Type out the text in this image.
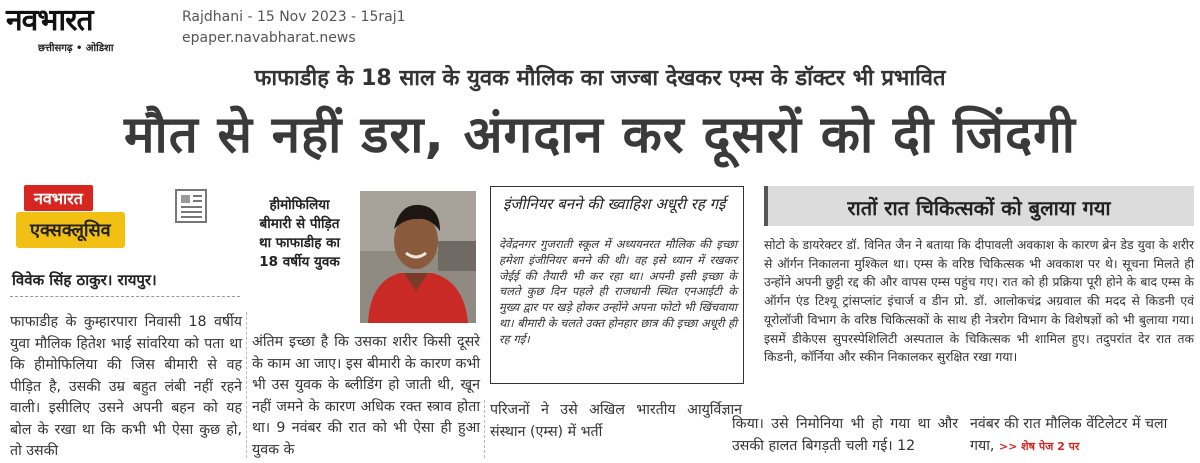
नवभारत
छत्तीसगढ़ • ओडिशा
Rajdhani - 15 Nov 2023 - 15raj1
epaper.navabharat.news
फाफाडीह के 18 साल के युवक मौलिक का जज्बा देखकर एम्स के डॉक्टर भी प्रभावित
मौत से नहीं डरा, अंगदान कर दूसरों को दी जिंदगी
नवभारत
एक्सक्लूसिव
विवेक सिंह ठाकुर। रायपुर।
फाफाडीह के कुम्हारपारा निवासी 18 वर्षीय युवा मौलिक हितेश भाई सांवरिया को पता था कि हीमोफिलिया की जिस बीमारी से वह पीड़ित है, उसकी उम्र बहुत लंबी नहीं रहने वाली। इसीलिए उसने अपनी बहन को यह बोल के रखा था कि कभी भी ऐसा कुछ हो, तो उसकी
हीमोफिलिया बीमारी से पीड़ित था फाफाडीह का 18 वर्षीय युवक
अंतिम इच्छा है कि उसका शरीर किसी दूसरे के काम आ जाए। इस बीमारी के कारण कभी भी उस युवक के ब्लीडिंग हो जाती थी, खून नहीं जमने के कारण अधिक रक्त स्त्राव होता था। 9 नवंबर की रात को भी ऐसा ही हुआ युवक के
इंजीनियर बनने की ख्वाहिश अधूरी रह गई
देवेंद्रनगर गुजराती स्कूल में अध्ययनरत मौलिक की इच्छा हमेशा इंजीनियर बनने की थी। वह इसे ध्यान में रखकर जेईई की तैयारी भी कर रहा था। अपनी इसी इच्छा के चलते कुछ दिन पहले ही राजधानी स्थित एनआईटी के मुख्य द्वार पर खड़े होकर उन्होंने अपना फोटो भी खिंचवाया था। बीमारी के चलते उक्त होनहार छात्र की इच्छा अधूरी ही रह गई।
परिजनों ने उसे अखिल भारतीय आयुर्विज्ञान संस्थान (एम्स) में भर्ती
रातों रात चिकित्सकों को बुलाया गया
सोटो के डायरेक्टर डॉ. विनित जैन ने बताया कि दीपावली अवकाश के कारण ब्रेन डेड युवा के शरीर से ऑर्गन निकालना मुश्किल था। एम्स के वरिष्ठ चिकित्सक भी अवकाश पर थे। सूचना मिलते ही उन्होंने अपनी छुट्टी रद्द की और वापस एम्स पहुंच गए। रात को ही प्रक्रिया पूरी होने के बाद एम्स के ऑर्गन एंड टिश्यू ट्रांसप्लांट इंचार्ज व डीन प्रो. डॉ. आलोकचंद्र अग्रवाल की मदद से किडनी एवं यूरोलॉजी विभाग के वरिष्ठ चिकित्सकों के साथ ही नेत्ररोग विभाग के विशेषज्ञों को भी बुलाया गया। इसमें डीकेएस सुपरस्पेशिलिटी अस्पताल के चिकित्सक भी शामिल हुए। तदुपरांत देर रात तक किडनी, कॉर्निया और स्कीन निकालकर सुरक्षित रखा गया।
किया। उसे निमोनिया भी हो गया था और उसकी हालत बिगड़ती चली गई। 12
नवंबर की रात मौलिक वेंटिलेटर में चला गया, >> शेष पेज 2 पर
